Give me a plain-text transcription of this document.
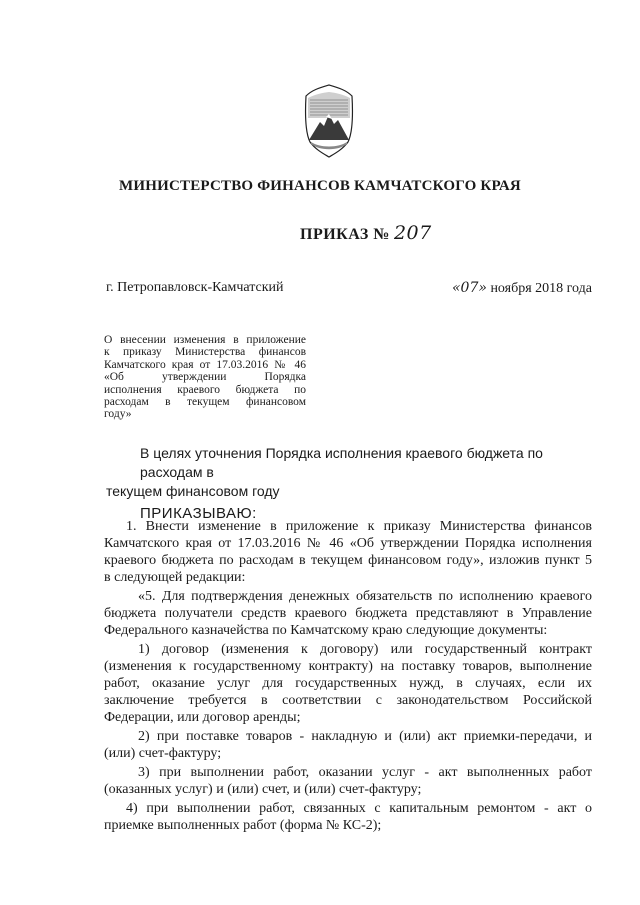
МИНИСТЕРСТВО ФИНАНСОВ КАМЧАТСКОГО КРАЯ
ПРИКАЗ № 207
г. Петропавловск-Камчатский	«07» ноября 2018 года
О внесении изменения в приложение
к приказу Министерства финансов
Камчатского края от 17.03.2016 № 46
«Об утверждении Порядка
исполнения краевого бюджета по
расходам в текущем финансовом
году»
В целях уточнения Порядка исполнения краевого бюджета по расходам в
текущем финансовом году
ПРИКАЗЫВАЮ:
1. Внести изменение в приложение к приказу Министерства финансов
Камчатского края от 17.03.2016 № 46 «Об утверждении Порядка исполнения
краевого бюджета по расходам в текущем финансовом году», изложив пункт 5
в следующей редакции:
«5. Для подтверждения денежных обязательств по исполнению краевого
бюджета получатели средств краевого бюджета представляют в Управление
Федерального казначейства по Камчатскому краю следующие документы:
1) договор (изменения к договору) или государственный контракт
(изменения к государственному контракту) на поставку товаров, выполнение
работ, оказание услуг для государственных нужд, в случаях, если их
заключение требуется в соответствии с законодательством Российской
Федерации, или договор аренды;
2) при поставке товаров - накладную и (или) акт приемки-передачи, и
(или) счет-фактуру;
3) при выполнении работ, оказании услуг - акт выполненных работ
(оказанных услуг) и (или) счет, и (или) счет-фактуру;
4) при выполнении работ, связанных с капитальным ремонтом - акт о
приемке выполненных работ (форма № КС-2);
